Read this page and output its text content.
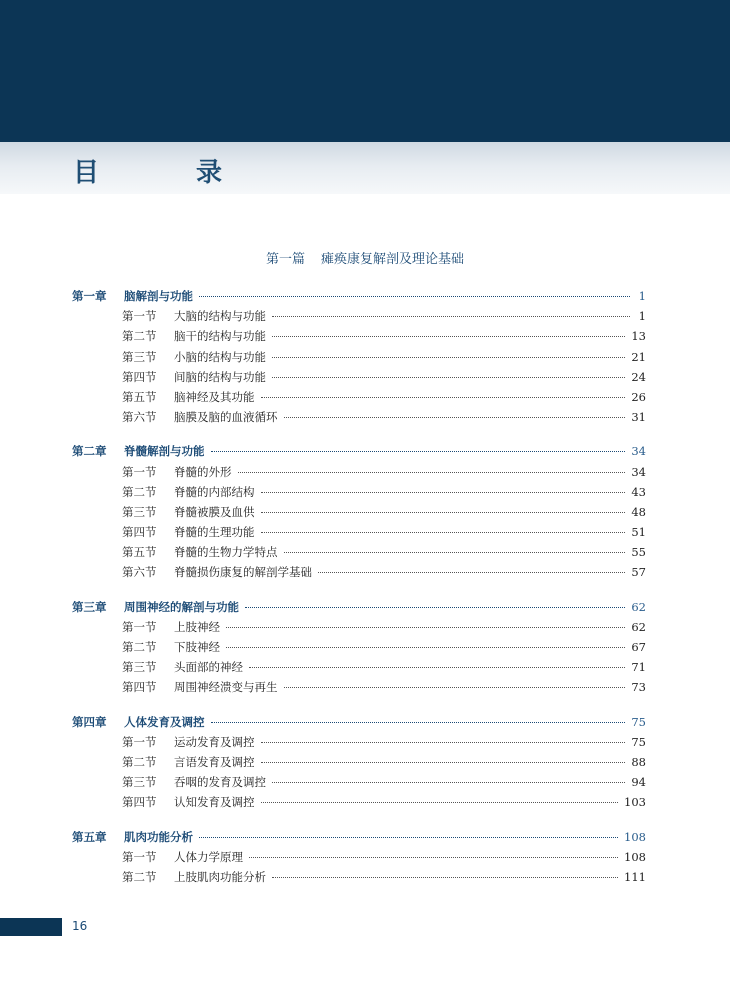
目 录
第一篇 瘫痪康复解剖及理论基础
第一章 脑解剖与功能	1
第一节 大脑的结构与功能	1
第二节 脑干的结构与功能	13
第三节 小脑的结构与功能	21
第四节 间脑的结构与功能	24
第五节 脑神经及其功能	26
第六节 脑膜及脑的血液循环	31
第二章 脊髓解剖与功能	34
第一节 脊髓的外形	34
第二节 脊髓的内部结构	43
第三节 脊髓被膜及血供	48
第四节 脊髓的生理功能	51
第五节 脊髓的生物力学特点	55
第六节 脊髓损伤康复的解剖学基础	57
第三章 周围神经的解剖与功能	62
第一节 上肢神经	62
第二节 下肢神经	67
第三节 头面部的神经	71
第四节 周围神经溃变与再生	73
第四章 人体发育及调控	75
第一节 运动发育及调控	75
第二节 言语发育及调控	88
第三节 吞咽的发育及调控	94
第四节 认知发育及调控	103
第五章 肌肉功能分析	108
第一节 人体力学原理	108
第二节 上肢肌肉功能分析	111
16
